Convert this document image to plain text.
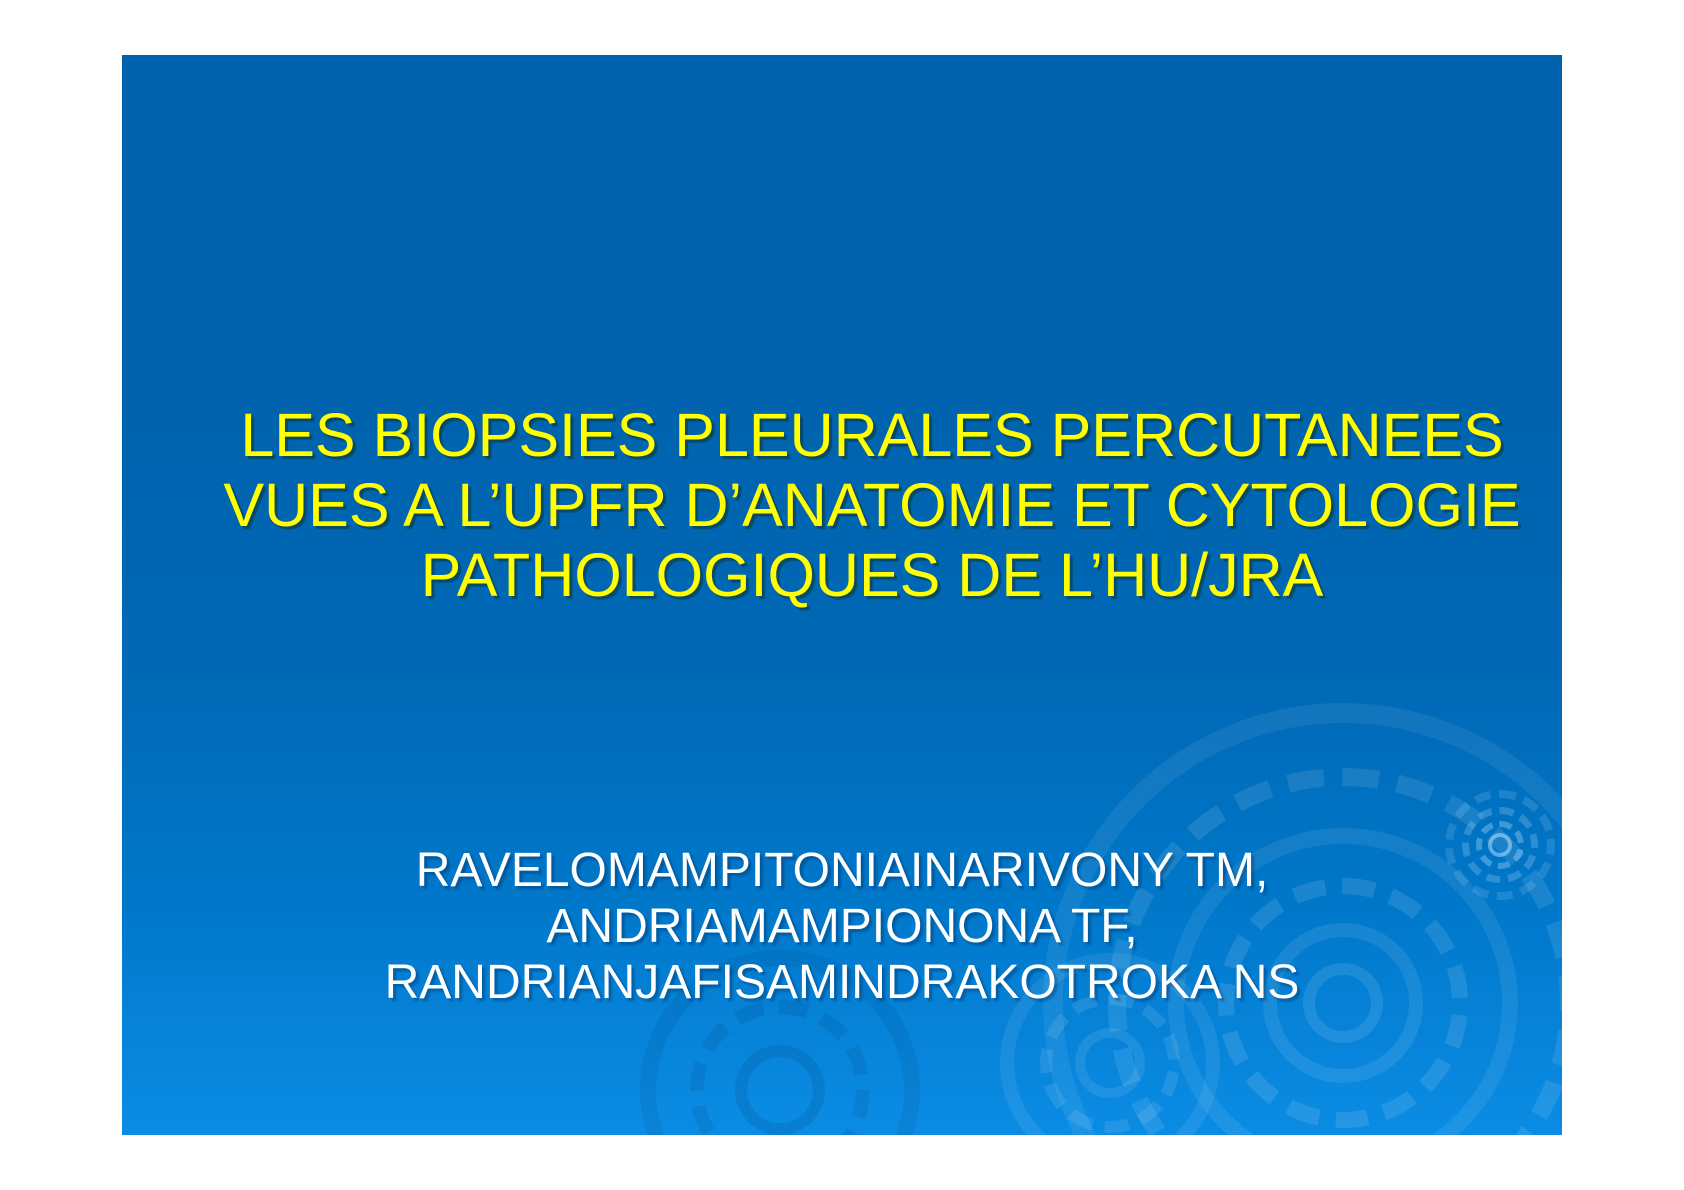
LES BIOPSIES PLEURALES PERCUTANEES
VUES A L’UPFR D’ANATOMIE ET CYTOLOGIE
PATHOLOGIQUES DE L’HU/JRA
RAVELOMAMPITONIAINARIVONY TM,
ANDRIAMAMPIONONA TF,
RANDRIANJAFISAMINDRAKOTROKA NS
